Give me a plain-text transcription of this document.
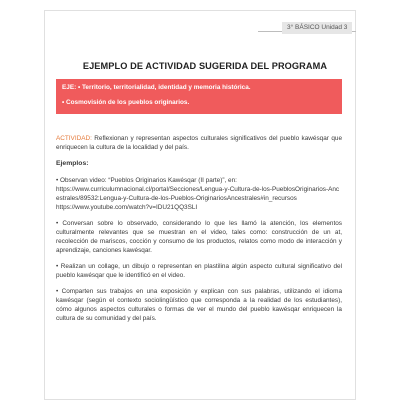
3° BÁSICO Unidad 3
EJEMPLO DE ACTIVIDAD SUGERIDA DEL PROGRAMA
EJE: • Territorio, territorialidad, identidad y memoria histórica.
• Cosmovisión de los pueblos originarios.

ACTIVIDAD: Reflexionan y representan aspectos culturales significativos del pueblo kawésqar que enriquecen la cultura de la localidad y del país.

Ejemplos:

• Observan video: “Pueblos Originarios Kawésqar (II parte)”, en:
https://www.curriculumnacional.cl/portal/Secciones/Lengua-y-Cultura-de-los-PueblosOriginarios-Ancestrales/89532:Lengua-y-Cultura-de-los-Pueblos-OriginariosAncestrales#in_recursos
https://www.youtube.com/watch?v=IDU21QQ3SLI

• Conversan sobre lo observado, considerando lo que les llamó la atención, los elementos culturalmente relevantes que se muestran en el video, tales como: construcción de un at, recolección de mariscos, cocción y consumo de los productos, relatos como modo de interacción y aprendizaje, canciones kawésqar.

• Realizan un collage, un dibujo o representan en plastilina algún aspecto cultural significativo del pueblo kawésqar que le identificó en el video.

• Comparten sus trabajos en una exposición y explican con sus palabras, utilizando el idioma kawésqar (según el contexto sociolingüístico que corresponda a la realidad de los estudiantes), cómo algunos aspectos culturales o formas de ver el mundo del pueblo kawésqar enriquecen la cultura de su comunidad y del país.
